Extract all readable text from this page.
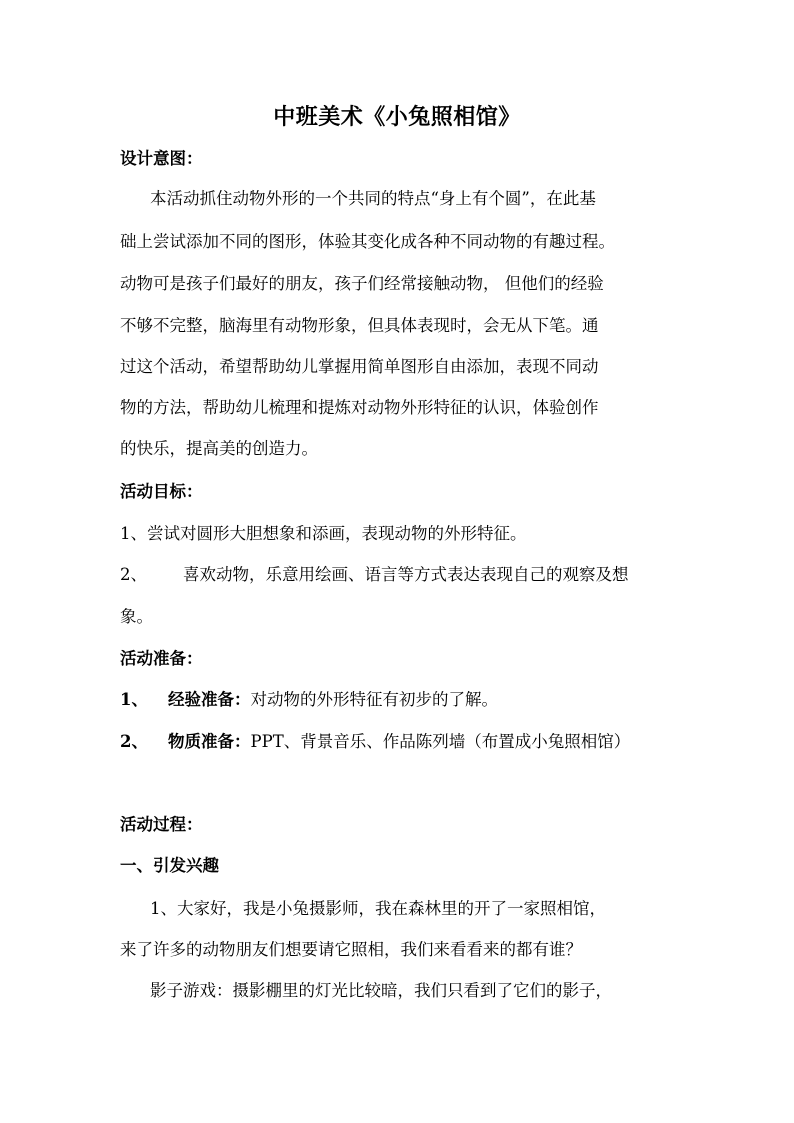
中班美术《小兔照相馆》

设计意图：

本活动抓住动物外形的一个共同的特点“身上有个圆”，在此基

础上尝试添加不同的图形，体验其变化成各种不同动物的有趣过程。

动物可是孩子们最好的朋友，孩子们经常接触动物， 但他们的经验

不够不完整，脑海里有动物形象，但具体表现时，会无从下笔。通

过这个活动，希望帮助幼儿掌握用简单图形自由添加，表现不同动

物的方法，帮助幼儿梳理和提炼对动物外形特征的认识，体验创作

的快乐，提高美的创造力。

活动目标：

1、尝试对圆形大胆想象和添画，表现动物的外形特征。

2、 喜欢动物，乐意用绘画、语言等方式表达表现自己的观察及想

象。

活动准备：

1、 经验准备：对动物的外形特征有初步的了解。

2、 物质准备：PPT、背景音乐、作品陈列墙（布置成小兔照相馆）

活动过程：

一、引发兴趣

1、大家好，我是小兔摄影师，我在森林里的开了一家照相馆，

来了许多的动物朋友们想要请它照相，我们来看看来的都有谁？

影子游戏：摄影棚里的灯光比较暗，我们只看到了它们的影子，
